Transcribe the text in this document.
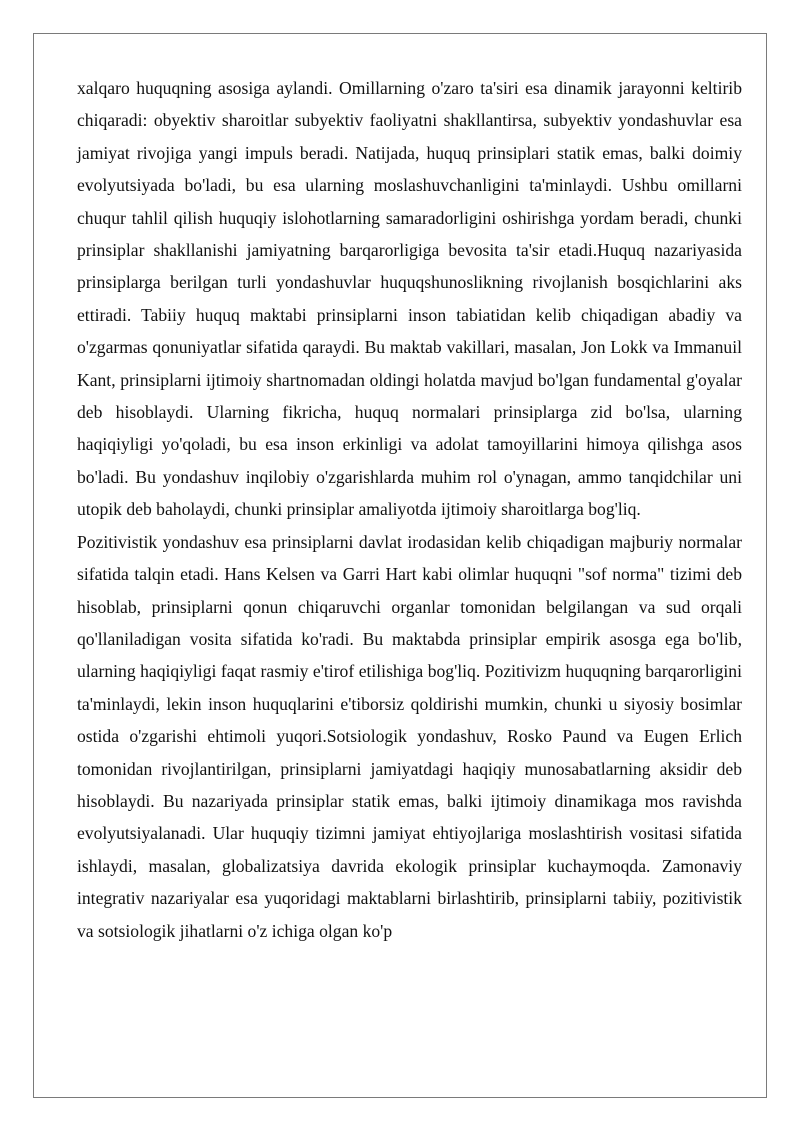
xalqaro huquqning asosiga aylandi. Omillarning o'zaro ta'siri esa dinamik jarayonni keltirib chiqaradi: obyektiv sharoitlar subyektiv faoliyatni shakllantirsa, subyektiv yondashuvlar esa jamiyat rivojiga yangi impuls beradi. Natijada, huquq prinsiplari statik emas, balki doimiy evolyutsiyada bo'ladi, bu esa ularning moslashuvchanligini ta'minlaydi. Ushbu omillarni chuqur tahlil qilish huquqiy islohotlarning samaradorligini oshirishga yordam beradi, chunki prinsiplar shakllanishi jamiyatning barqarorligiga bevosita ta'sir etadi.Huquq nazariyasida prinsiplarga berilgan turli yondashuvlar huquqshunoslikning rivojlanish bosqichlarini aks ettiradi. Tabiiy huquq maktabi prinsiplarni inson tabiatidan kelib chiqadigan abadiy va o'zgarmas qonuniyatlar sifatida qaraydi. Bu maktab vakillari, masalan, Jon Lokk va Immanuil Kant, prinsiplarni ijtimoiy shartnomadan oldingi holatda mavjud bo'lgan fundamental g'oyalar deb hisoblaydi. Ularning fikricha, huquq normalari prinsiplarga zid bo'lsa, ularning haqiqiyligi yo'qoladi, bu esa inson erkinligi va adolat tamoyillarini himoya qilishga asos bo'ladi. Bu yondashuv inqilobiy o'zgarishlarda muhim rol o'ynagan, ammo tanqidchilar uni utopik deb baholaydi, chunki prinsiplar amaliyotda ijtimoiy sharoitlarga bog'liq.

Pozitivistik yondashuv esa prinsiplarni davlat irodasidan kelib chiqadigan majburiy normalar sifatida talqin etadi. Hans Kelsen va Garri Hart kabi olimlar huquqni "sof norma" tizimi deb hisoblab, prinsiplarni qonun chiqaruvchi organlar tomonidan belgilangan va sud orqali qo'llaniladigan vosita sifatida ko'radi. Bu maktabda prinsiplar empirik asosga ega bo'lib, ularning haqiqiyligi faqat rasmiy e'tirof etilishiga bog'liq. Pozitivizm huquqning barqarorligini ta'minlaydi, lekin inson huquqlarini e'tiborsiz qoldirishi mumkin, chunki u siyosiy bosimlar ostida o'zgarishi ehtimoli yuqori.Sotsiologik yondashuv, Rosko Paund va Eugen Erlich tomonidan rivojlantirilgan, prinsiplarni jamiyatdagi haqiqiy munosabatlarning aksidir deb hisoblaydi. Bu nazariyada prinsiplar statik emas, balki ijtimoiy dinamikaga mos ravishda evolyutsiyalanadi. Ular huquqiy tizimni jamiyat ehtiyojlariga moslashtirish vositasi sifatida ishlaydi, masalan, globalizatsiya davrida ekologik prinsiplar kuchaymoqda. Zamonaviy integrativ nazariyalar esa yuqoridagi maktablarni birlashtirib, prinsiplarni tabiiy, pozitivistik va sotsiologik jihatlarni o'z ichiga olgan ko'p
